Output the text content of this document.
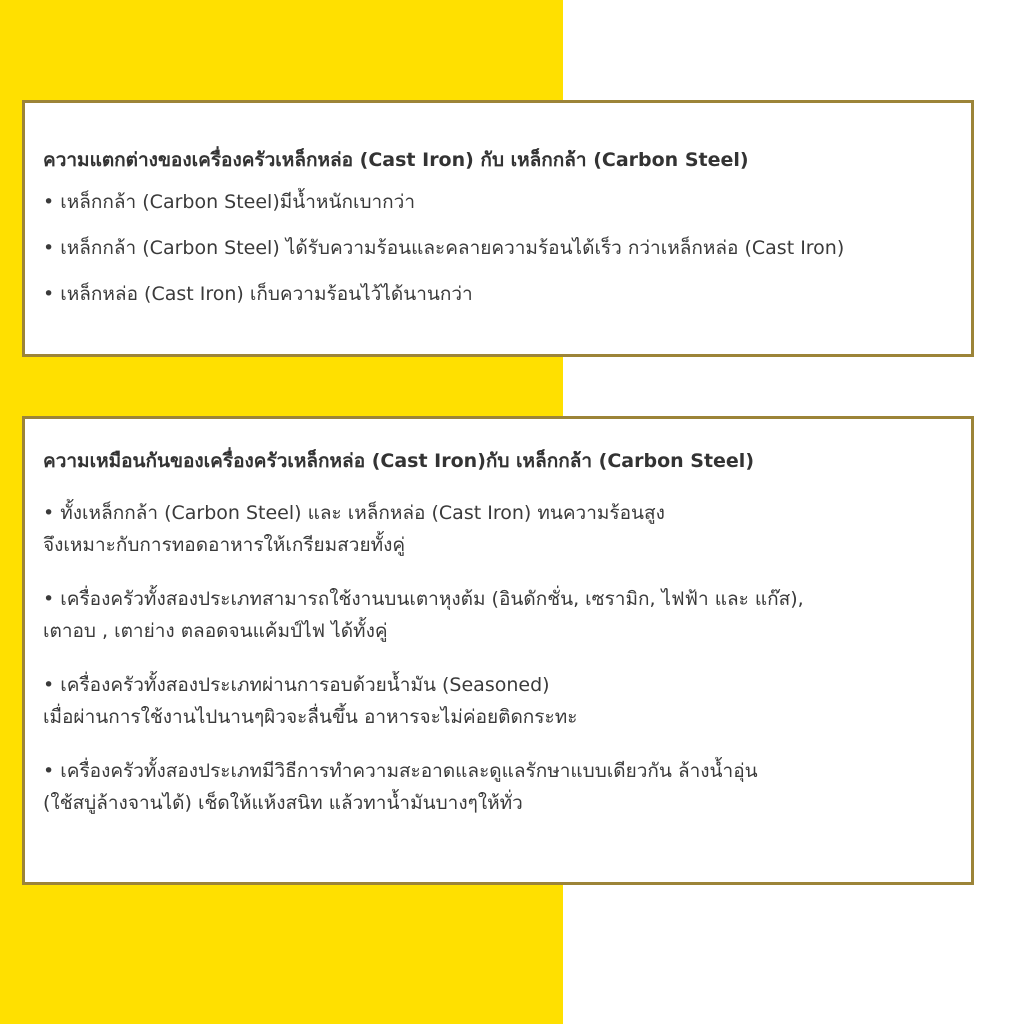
ความแตกต่างของเครื่องครัวเหล็กหล่อ (Cast Iron) กับ เหล็กกล้า (Carbon Steel)
• เหล็กกล้า (Carbon Steel)มีน้ำหนักเบากว่า
• เหล็กกล้า (Carbon Steel) ได้รับความร้อนและคลายความร้อนได้เร็ว กว่าเหล็กหล่อ (Cast Iron)
• เหล็กหล่อ (Cast Iron) เก็บความร้อนไว้ได้นานกว่า
ความเหมือนกันของเครื่องครัวเหล็กหล่อ (Cast Iron)กับ เหล็กกล้า (Carbon Steel)
• ทั้งเหล็กกล้า (Carbon Steel) และ เหล็กหล่อ (Cast Iron) ทนความร้อนสูง
จึงเหมาะกับการทอดอาหารให้เกรียมสวยทั้งคู่
• เครื่องครัวทั้งสองประเภทสามารถใช้งานบนเตาหุงต้ม (อินดักชั่น, เซรามิก, ไฟฟ้า และ แก๊ส),
เตาอบ , เตาย่าง ตลอดจนแค้มป์ไฟ ได้ทั้งคู่
• เครื่องครัวทั้งสองประเภทผ่านการอบด้วยน้ำมัน (Seasoned)
เมื่อผ่านการใช้งานไปนานๆผิวจะลื่นขึ้น อาหารจะไม่ค่อยติดกระทะ
• เครื่องครัวทั้งสองประเภทมีวิธีการทำความสะอาดและดูแลรักษาแบบเดียวกัน ล้างน้ำอุ่น
(ใช้สบู่ล้างจานได้) เช็ดให้แห้งสนิท แล้วทาน้ำมันบางๆให้ทั่ว
